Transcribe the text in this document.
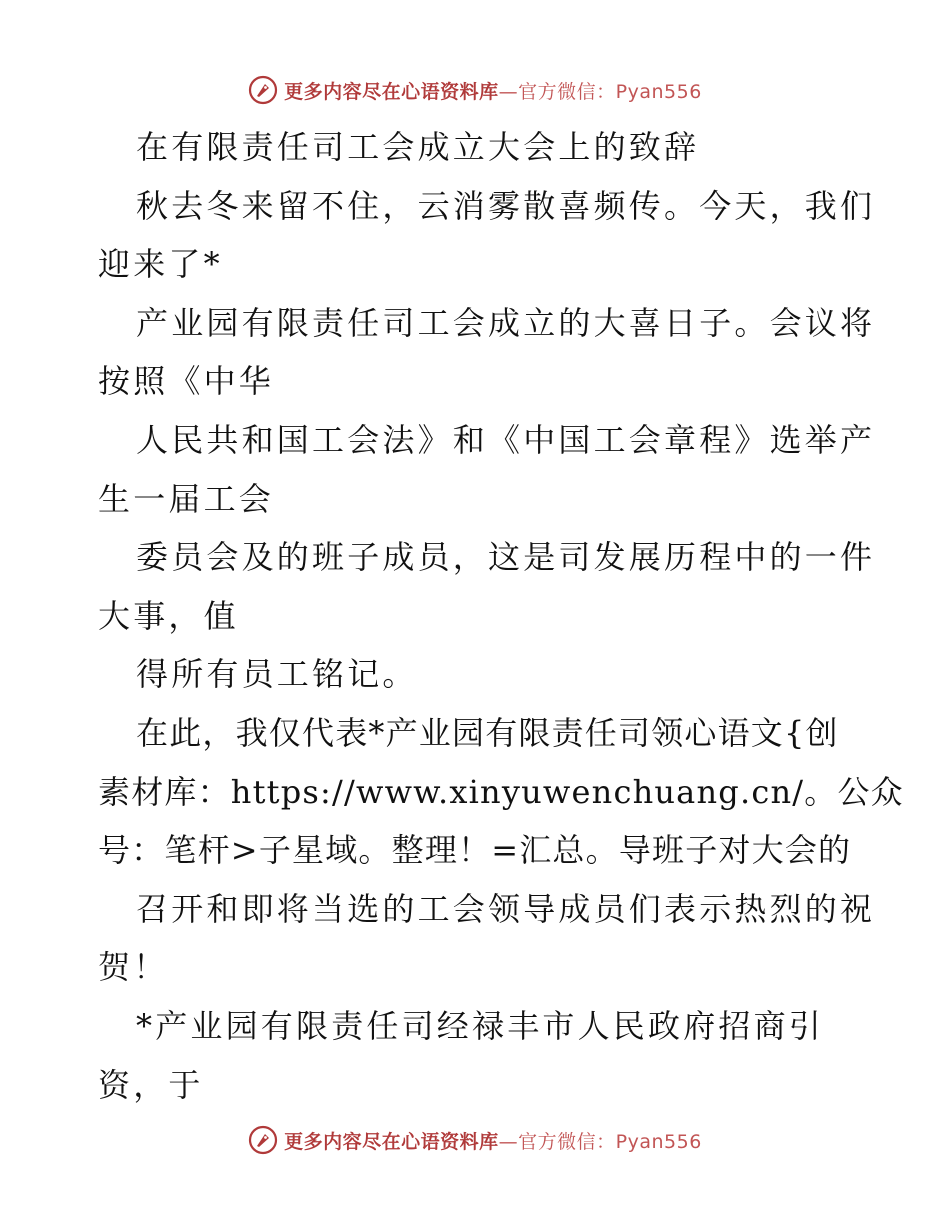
更多内容尽在心语资料库—官方微信：Pyan556
在有限责任司工会成立大会上的致辞
秋去冬来留不住，云消雾散喜频传。今天，我们
迎来了*
产业园有限责任司工会成立的大喜日子。会议将
按照《中华
人民共和国工会法》和《中国工会章程》选举产
生一届工会
委员会及的班子成员，这是司发展历程中的一件
大事，值
得所有员工铭记。
在此，我仅代表*产业园有限责任司领心语文{创
素材库：https://www.xinyuwenchuang.cn/。公众
号：笔杆>子星域。整理！=汇总。导班子对大会的
召开和即将当选的工会领导成员们表示热烈的祝
贺！
*产业园有限责任司经禄丰市人民政府招商引
资，于
更多内容尽在心语资料库—官方微信：Pyan556
